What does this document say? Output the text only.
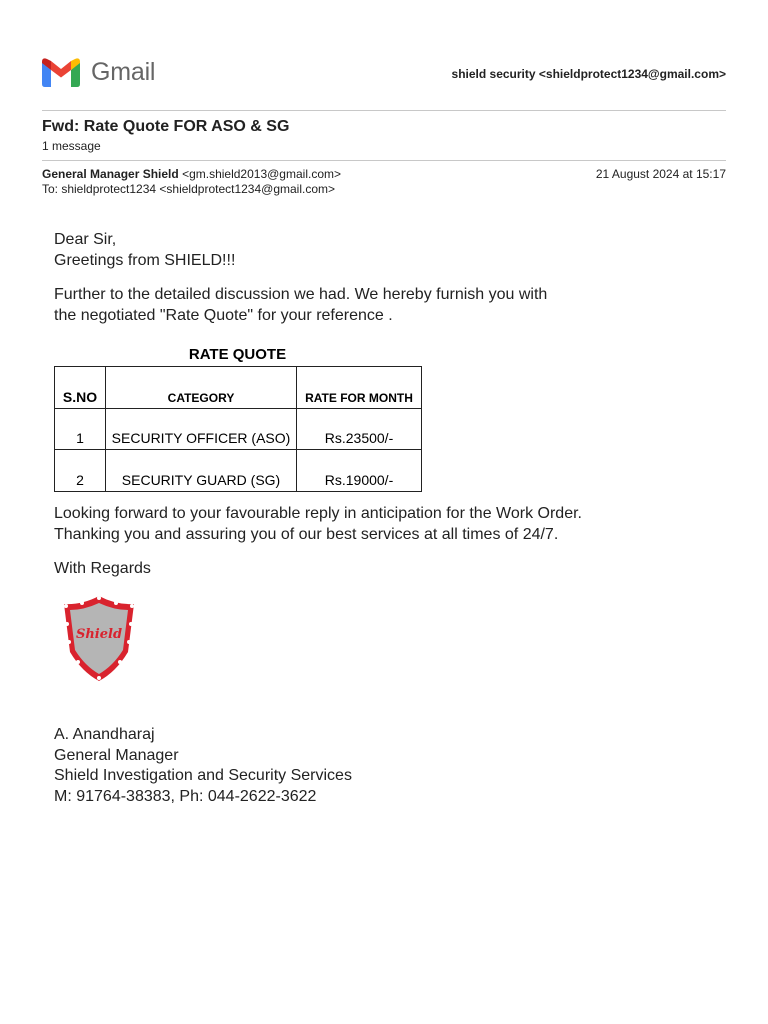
Gmail	shield security <shieldprotect1234@gmail.com>
Fwd: Rate Quote FOR ASO & SG
1 message
General Manager Shield <gm.shield2013@gmail.com>	21 August 2024 at 15:17
To: shieldprotect1234 <shieldprotect1234@gmail.com>

Dear Sir,

Greetings from SHIELD!!!

Further to the detailed discussion we had. We hereby furnish you with

the negotiated "Rate Quote" for your reference .

RATE QUOTE
S.NO	CATEGORY	RATE FOR MONTH
1	SECURITY OFFICER (ASO)	Rs.23500/-
2	SECURITY GUARD (SG)	Rs.19000/-

Looking forward to your favourable reply in anticipation for the Work Order.

Thanking you and assuring you of our best services at all times of 24/7.

With Regards

Shield

A. Anandharaj

General Manager

Shield Investigation and Security Services

M: 91764-38383, Ph: 044-2622-3622
